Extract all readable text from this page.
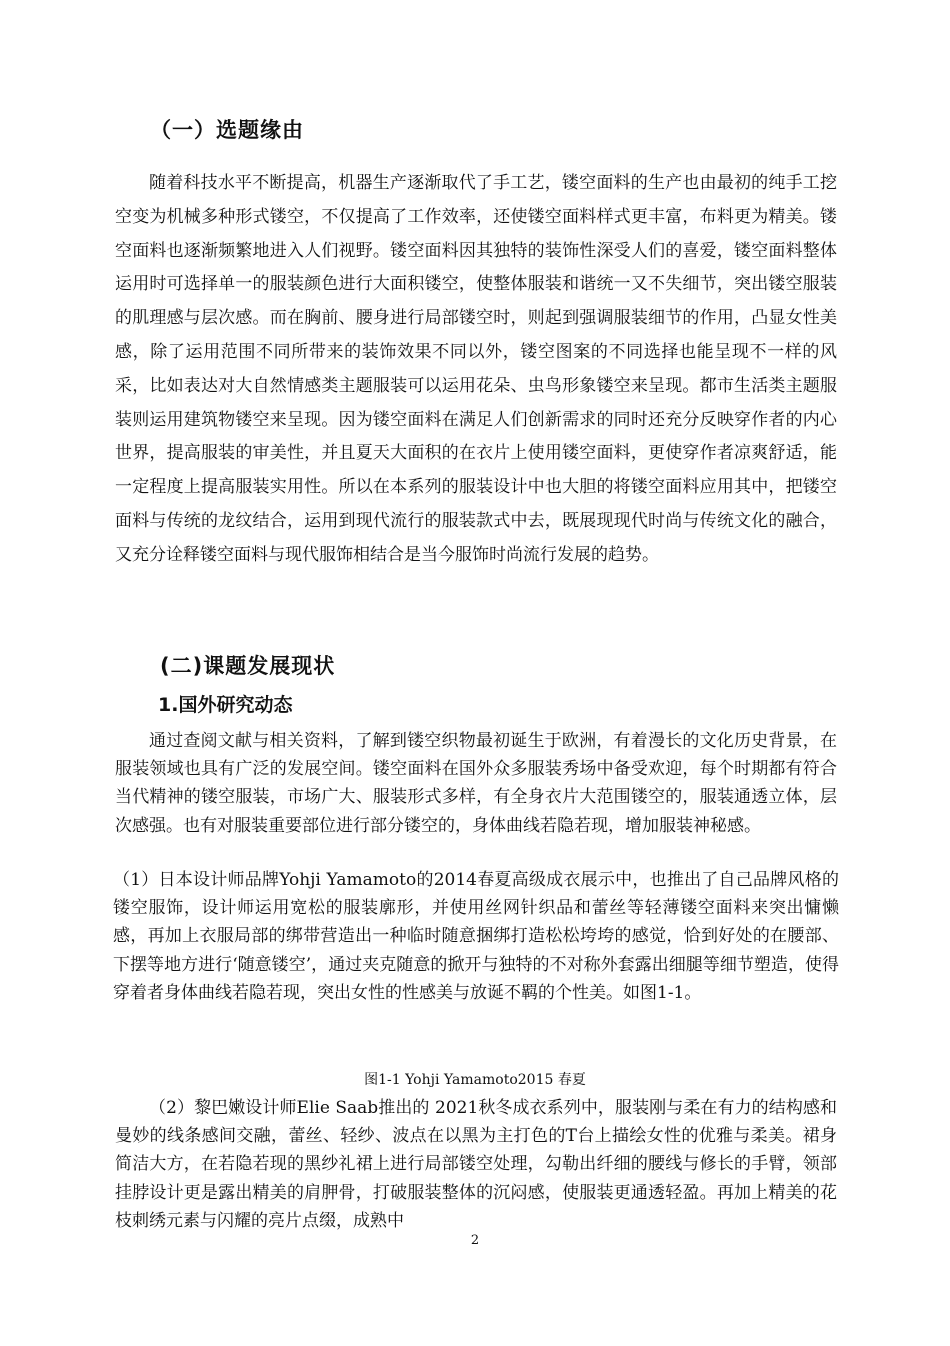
（一）选题缘由
随着科技水平不断提高，机器生产逐渐取代了手工艺，镂空面料的生产也由最初的纯手工挖空变为机械多种形式镂空，不仅提高了工作效率，还使镂空面料样式更丰富，布料更为精美。镂空面料也逐渐频繁地进入人们视野。镂空面料因其独特的装饰性深受人们的喜爱，镂空面料整体运用时可选择单一的服装颜色进行大面积镂空，使整体服装和谐统一又不失细节，突出镂空服装的肌理感与层次感。而在胸前、腰身进行局部镂空时，则起到强调服装细节的作用，凸显女性美感，除了运用范围不同所带来的装饰效果不同以外，镂空图案的不同选择也能呈现不一样的风采，比如表达对大自然情感类主题服装可以运用花朵、虫鸟形象镂空来呈现。都市生活类主题服装则运用建筑物镂空来呈现。因为镂空面料在满足人们创新需求的同时还充分反映穿作者的内心世界，提高服装的审美性，并且夏天大面积的在衣片上使用镂空面料，更使穿作者凉爽舒适，能一定程度上提高服装实用性。所以在本系列的服装设计中也大胆的将镂空面料应用其中，把镂空面料与传统的龙纹结合，运用到现代流行的服装款式中去，既展现现代时尚与传统文化的融合，又充分诠释镂空面料与现代服饰相结合是当今服饰时尚流行发展的趋势。
(二)课题发展现状
1.国外研究动态
通过查阅文献与相关资料，了解到镂空织物最初诞生于欧洲，有着漫长的文化历史背景，在服装领域也具有广泛的发展空间。镂空面料在国外众多服装秀场中备受欢迎，每个时期都有符合当代精神的镂空服装，市场广大、服装形式多样，有全身衣片大范围镂空的，服装通透立体，层次感强。也有对服装重要部位进行部分镂空的，身体曲线若隐若现，增加服装神秘感。
（1）日本设计师品牌Yohji Yamamoto的2014春夏高级成衣展示中，也推出了自己品牌风格的镂空服饰，设计师运用宽松的服装廓形，并使用丝网针织品和蕾丝等轻薄镂空面料来突出慵懒感，再加上衣服局部的绑带营造出一种临时随意捆绑打造松松垮垮的感觉，恰到好处的在腰部、下摆等地方进行‘随意镂空’，通过夹克随意的掀开与独特的不对称外套露出细腿等细节塑造，使得穿着者身体曲线若隐若现，突出女性的性感美与放诞不羁的个性美。如图1-1。
图1-1 Yohji Yamamoto2015 春夏
（2）黎巴嫩设计师Elie Saab推出的 2021秋冬成衣系列中，服装刚与柔在有力的结构感和曼妙的线条感间交融，蕾丝、轻纱、波点在以黑为主打色的T台上描绘女性的优雅与柔美。裙身简洁大方，在若隐若现的黑纱礼裙上进行局部镂空处理，勾勒出纤细的腰线与修长的手臂，领部挂脖设计更是露出精美的肩胛骨，打破服装整体的沉闷感，使服装更通透轻盈。再加上精美的花枝刺绣元素与闪耀的亮片点缀，成熟中
2
